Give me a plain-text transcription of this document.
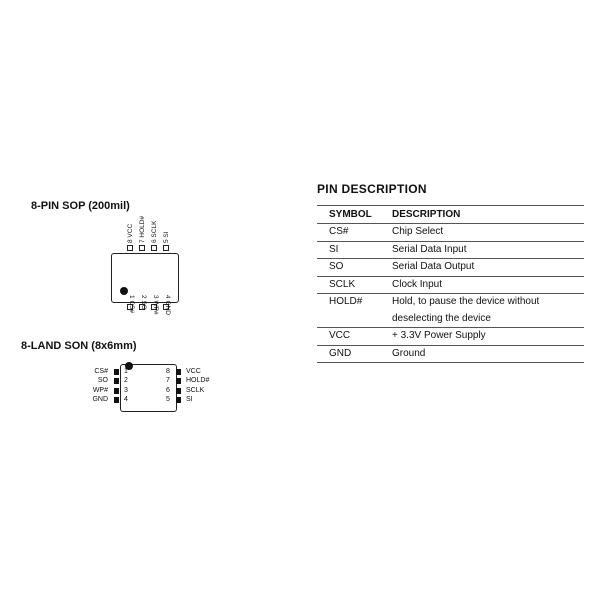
8-PIN SOP (200mil)
8 VCC
7 HOLD#
6 SCLK
5 SI
1 CS#
2 SO
3 WP#
4 GND
8-LAND SON (8x6mm)
CS# 1
SO 2
WP# 3
GND 4
8 VCC
7 HOLD#
6 SCLK
5 SI
PIN DESCRIPTION
SYMBOL	DESCRIPTION
CS#	Chip Select
SI	Serial Data Input
SO	Serial Data Output
SCLK	Clock Input
HOLD#	Hold, to pause the device without
deselecting the device

VCC	+ 3.3V Power Supply
GND	Ground
